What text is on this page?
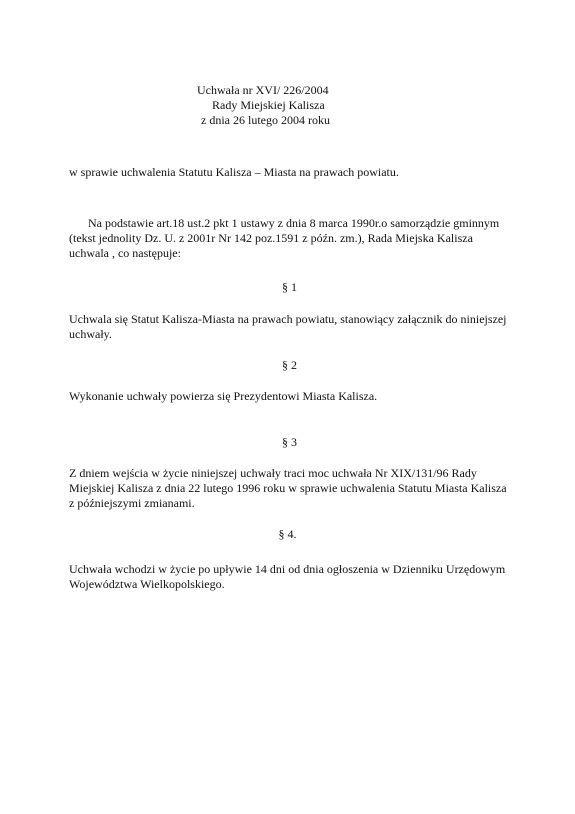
Uchwała nr XVI/ 226/2004
Rady Miejskiej Kalisza
z dnia 26 lutego 2004 roku
w sprawie uchwalenia Statutu Kalisza – Miasta na prawach powiatu.
Na podstawie art.18 ust.2 pkt 1 ustawy z dnia 8 marca 1990r.o samorządzie gminnym (tekst jednolity Dz. U. z 2001r Nr 142 poz.1591 z późn. zm.), Rada Miejska Kalisza uchwala , co następuje:
§ 1
Uchwala się Statut Kalisza-Miasta na prawach powiatu, stanowiący załącznik do niniejszej uchwały.
§ 2
Wykonanie uchwały powierza się Prezydentowi Miasta Kalisza.
§ 3
Z dniem wejścia w życie niniejszej uchwały traci moc uchwała Nr XIX/131/96 Rady Miejskiej Kalisza z dnia 22 lutego 1996 roku w sprawie uchwalenia Statutu Miasta Kalisza z późniejszymi zmianami.
§ 4.
Uchwała wchodzi w życie po upływie 14 dni od dnia ogłoszenia w Dzienniku Urzędowym Województwa Wielkopolskiego.
